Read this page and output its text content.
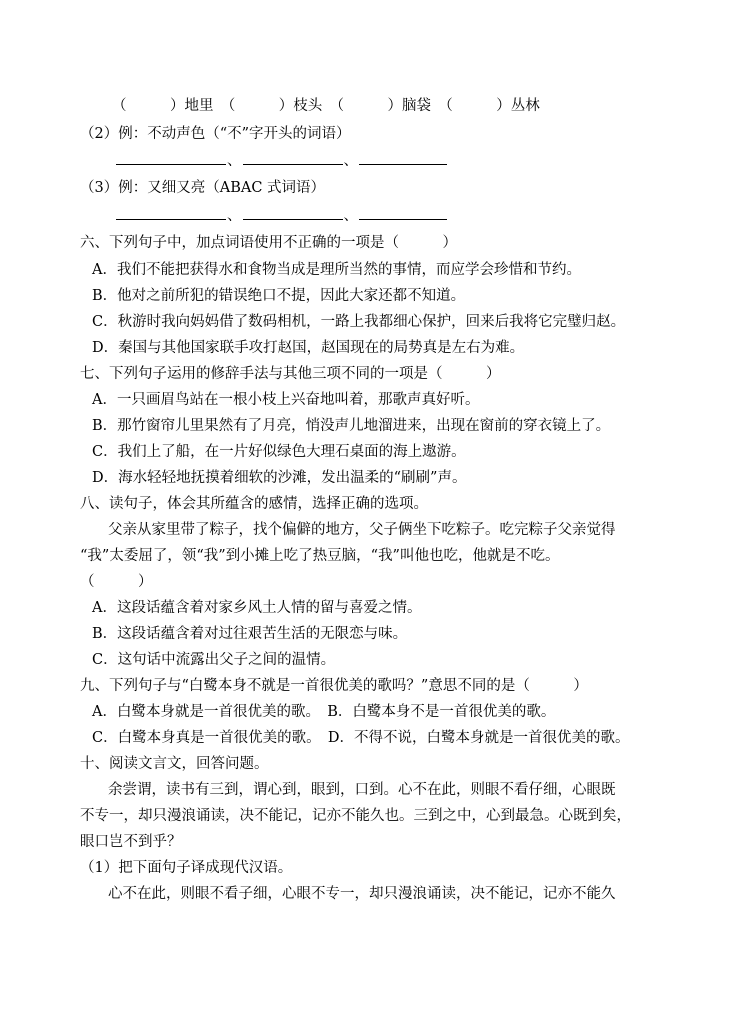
（　　　）地里　（　　　）枝头　（　　　）脑袋　（　　　）丛林
（2）例：不动声色（“不”字开头的词语）
、	、
（3）例：又细又亮（ABAC 式词语）
、	、
六、下列句子中，加点词语使用不正确的一项是（　　　）
A．我们不能把获得水和食物当成是理所当然的事情，而应学会珍惜和节约。
B．他对之前所犯的错误绝口不提，因此大家还都不知道。
C．秋游时我向妈妈借了数码相机，一路上我都细心保护，回来后我将它完璧归赵。
D．秦国与其他国家联手攻打赵国，赵国现在的局势真是左右为难。
七、下列句子运用的修辞手法与其他三项不同的一项是（　　　）
A．一只画眉鸟站在一根小枝上兴奋地叫着，那歌声真好听。
B．那竹窗帘儿里果然有了月亮，悄没声儿地溜进来，出现在窗前的穿衣镜上了。
C．我们上了船，在一片好似绿色大理石桌面的海上遨游。
D．海水轻轻地抚摸着细软的沙滩，发出温柔的“刷刷”声。
八、读句子，体会其所蕴含的感情，选择正确的选项。
父亲从家里带了粽子，找个偏僻的地方，父子俩坐下吃粽子。吃完粽子父亲觉得
“我”太委屈了，领“我”到小摊上吃了热豆脑，“我”叫他也吃，他就是不吃。
（　　　）
A．这段话蕴含着对家乡风土人情的留与喜爱之情。
B．这段话蕴含着对过往艰苦生活的无限恋与味。
C．这句话中流露出父子之间的温情。
九、下列句子与“白鹭本身不就是一首很优美的歌吗？”意思不同的是（　　　）
A．白鹭本身就是一首很优美的歌。　B．白鹭本身不是一首很优美的歌。
C．白鹭本身真是一首很优美的歌。　D．不得不说，白鹭本身就是一首很优美的歌。
十、阅读文言文，回答问题。
余尝谓，读书有三到，谓心到，眼到，口到。心不在此，则眼不看仔细，心眼既
不专一，却只漫浪诵读，决不能记，记亦不能久也。三到之中，心到最急。心既到矣，
眼口岂不到乎？
（1）把下面句子译成现代汉语。
心不在此，则眼不看子细，心眼不专一，却只漫浪诵读，决不能记，记亦不能久
